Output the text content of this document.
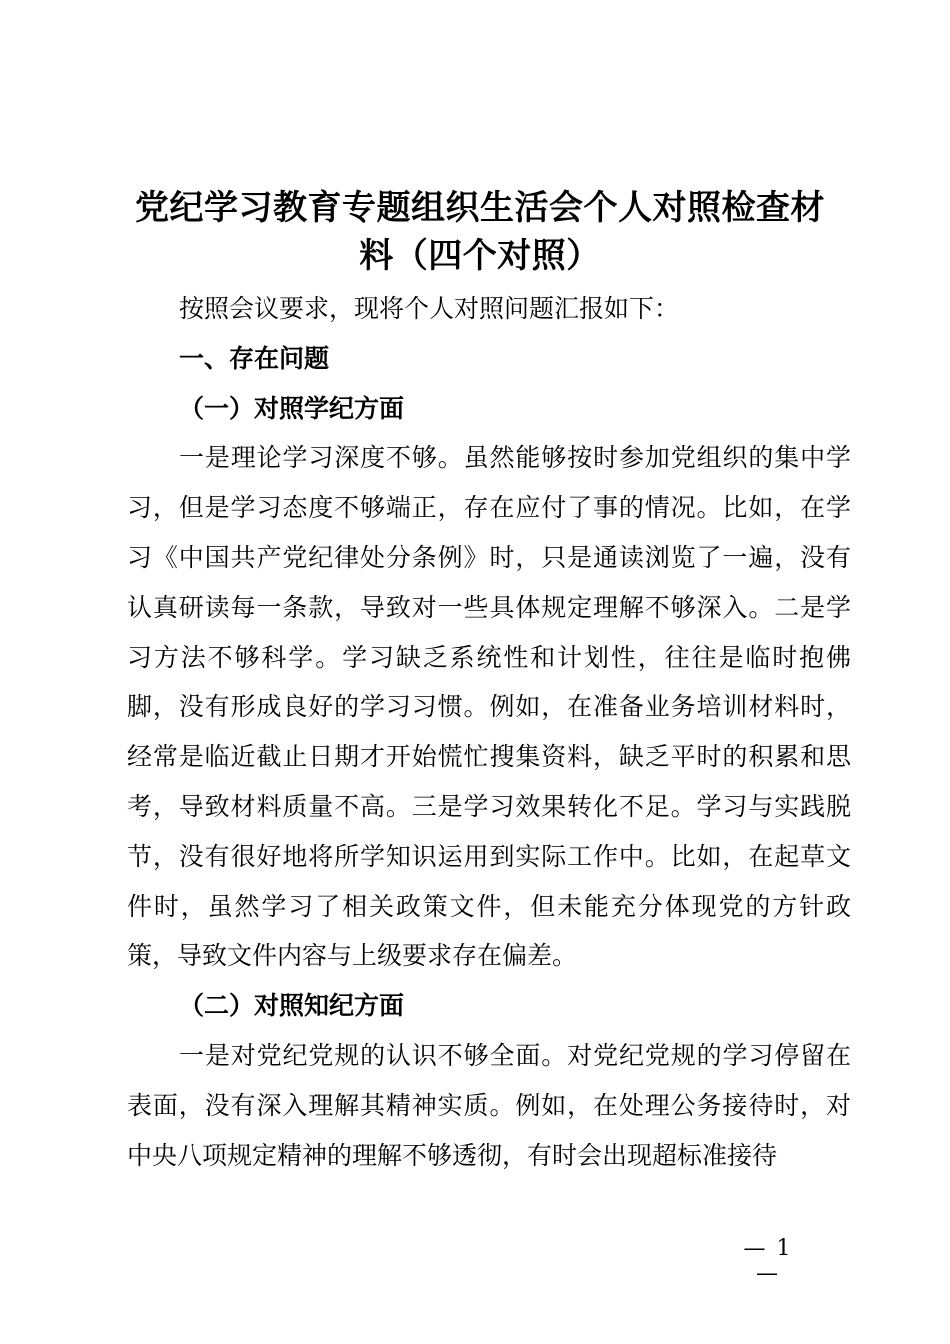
党纪学习教育专题组织生活会个人对照检查材料（四个对照）

按照会议要求，现将个人对照问题汇报如下：

一、存在问题

（一）对照学纪方面

一是理论学习深度不够。虽然能够按时参加党组织的集中学习，但是学习态度不够端正，存在应付了事的情况。比如，在学习《中国共产党纪律处分条例》时，只是通读浏览了一遍，没有认真研读每一条款，导致对一些具体规定理解不够深入。二是学习方法不够科学。学习缺乏系统性和计划性，往往是临时抱佛脚，没有形成良好的学习习惯。例如，在准备业务培训材料时，经常是临近截止日期才开始慌忙搜集资料，缺乏平时的积累和思考，导致材料质量不高。三是学习效果转化不足。学习与实践脱节，没有很好地将所学知识运用到实际工作中。比如，在起草文件时，虽然学习了相关政策文件，但未能充分体现党的方针政策，导致文件内容与上级要求存在偏差。

（二）对照知纪方面

一是对党纪党规的认识不够全面。对党纪党规的学习停留在表面，没有深入理解其精神实质。例如，在处理公务接待时，对中央八项规定精神的理解不够透彻，有时会出现超标准接待

— 1 —
